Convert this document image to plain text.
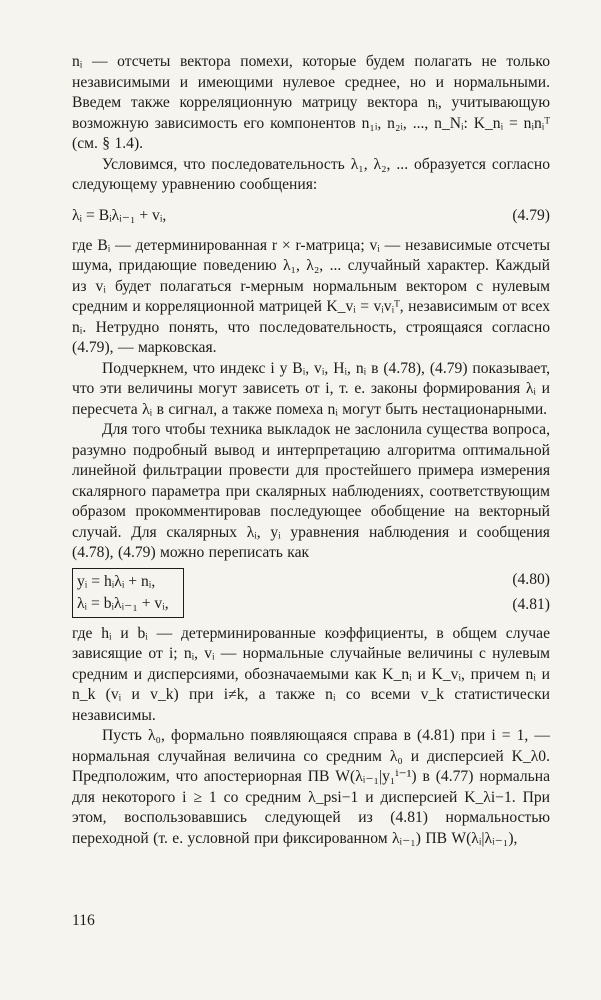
nᵢ — отсчеты вектора помехи, которые будем полагать не только независимыми и имеющими нулевое среднее, но и нормальными. Введем также корреляционную матрицу вектора nᵢ, учитывающую возможную зависимость его компонентов n₁ᵢ, n₂ᵢ, ..., n_Nᵢ: K_nᵢ = nᵢnᵢᵀ (см. § 1.4).

Условимся, что последовательность λ₁, λ₂, ... образуется согласно следующему уравнению сообщения:

λᵢ = Bᵢλᵢ₋₁ + vᵢ,	(4.79)

где Bᵢ — детерминированная r × r-матрица; vᵢ — независимые отсчеты шума, придающие поведению λ₁, λ₂, ... случайный характер. Каждый из vᵢ будет полагаться r-мерным нормальным вектором с нулевым средним и корреляционной матрицей K_vᵢ = vᵢvᵢᵀ, независимым от всех nᵢ. Нетрудно понять, что последовательность, строящаяся согласно (4.79), — марковская.

Подчеркнем, что индекс i у Bᵢ, vᵢ, Hᵢ, nᵢ в (4.78), (4.79) показывает, что эти величины могут зависеть от i, т. е. законы формирования λᵢ и пересчета λᵢ в сигнал, а также помеха nᵢ могут быть нестационарными.

Для того чтобы техника выкладок не заслонила существа вопроса, разумно подробный вывод и интерпретацию алгоритма оптимальной линейной фильтрации провести для простейшего примера измерения скалярного параметра при скалярных наблюдениях, соответствующим образом прокомментировав последующее обобщение на векторный случай. Для скалярных λᵢ, yᵢ уравнения наблюдения и сообщения (4.78), (4.79) можно переписать как

yᵢ = hᵢλᵢ + nᵢ,
λᵢ = bᵢλᵢ₋₁ + vᵢ,
(4.80)
(4.81)

где hᵢ и bᵢ — детерминированные коэффициенты, в общем случае зависящие от i; nᵢ, vᵢ — нормальные случайные величины с нулевым средним и дисперсиями, обозначаемыми как K_nᵢ и K_vᵢ, причем nᵢ и n_k (vᵢ и v_k) при i≠k, а также nᵢ со всеми v_k статистически независимы.

Пусть λ₀, формально появляющаяся справа в (4.81) при i = 1, — нормальная случайная величина со средним λ₀ и дисперсией K_λ0. Предположим, что апостериорная ПВ W(λᵢ₋₁|y₁ⁱ⁻¹) в (4.77) нормальна для некоторого i ≥ 1 со средним λ_psi−1 и дисперсией K_λi−1. При этом, воспользовавшись следующей из (4.81) нормальностью переходной (т. е. условной при фиксированном λᵢ₋₁) ПВ W(λᵢ|λᵢ₋₁),

116
